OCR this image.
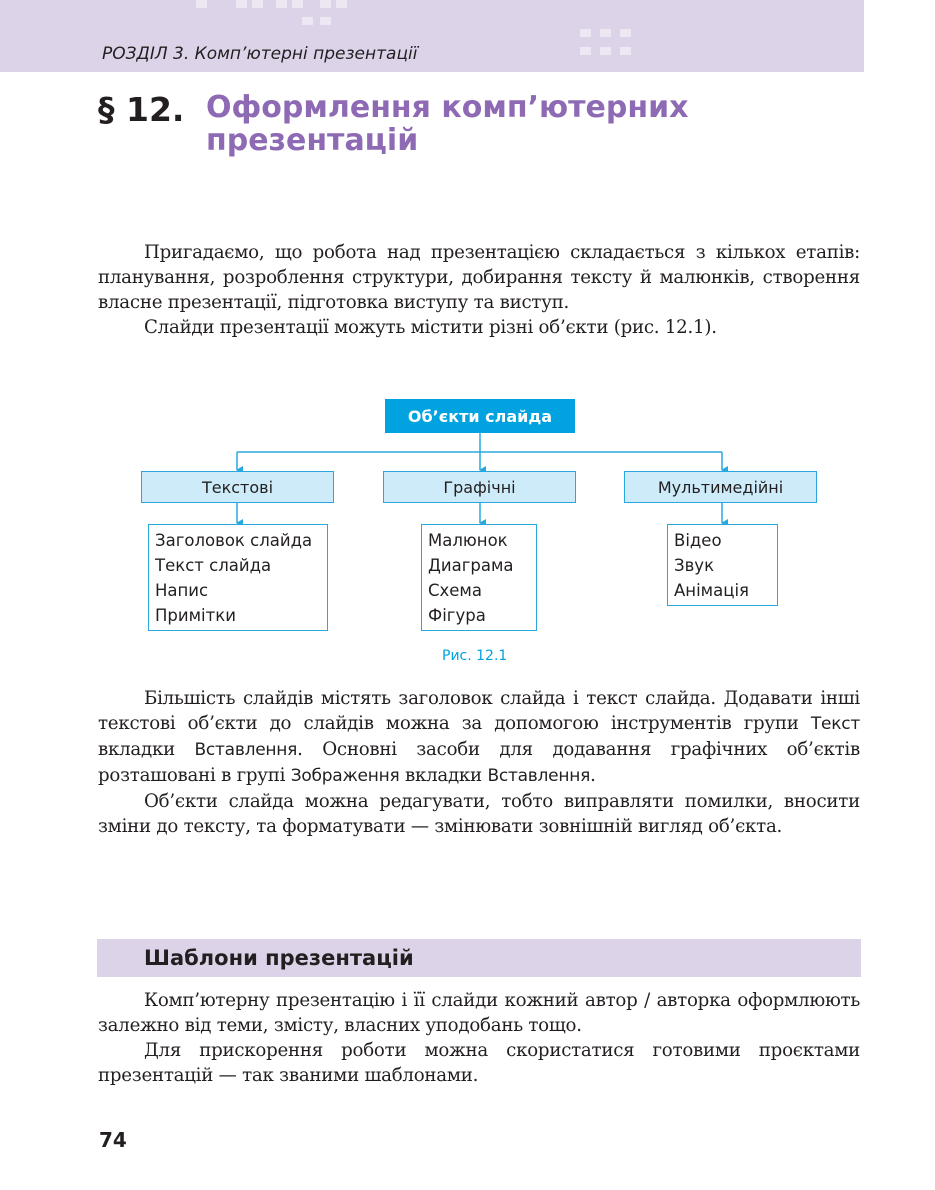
РОЗДІЛ 3. Комп’ютерні презентації
§ 12. Оформлення комп’ютерних
презентацій

Пригадаємо, що робота над презентацією складається з кількох етапів: планування, розроблення структури, добирання тексту й малюнків, створення власне презентації, підготовка виступу та виступ.

Слайди презентації можуть містити різні об’єкти (рис. 12.1).

Об’єкти слайда
Текстові	Графічні	Мультимедійні
Заголовок слайда
Текст слайда
Напис
Примітки
Малюнок
Диаграма
Схема
Фігура
Відео
Звук
Анімація
Рис. 12.1

Більшість слайдів містять заголовок слайда і текст слайда. Додавати інші текстові об’єкти до слайдів можна за допомогою інструментів групи Текст вкладки Вставлення. Основні засоби для додавання графічних об’єктів розташовані в групі Зображення вкладки Вставлення.

Об’єкти слайда можна редагувати, тобто виправляти помилки, вносити зміни до тексту, та форматувати — змінювати зовнішній вигляд об’єкта.

Шаблони презентацій

Комп’ютерну презентацію і її слайди кожний автор / авторка оформлюють залежно від теми, змісту, власних уподобань тощо.

Для прискорення роботи можна скористатися готовими проєктами презентацій — так званими шаблонами.

74
